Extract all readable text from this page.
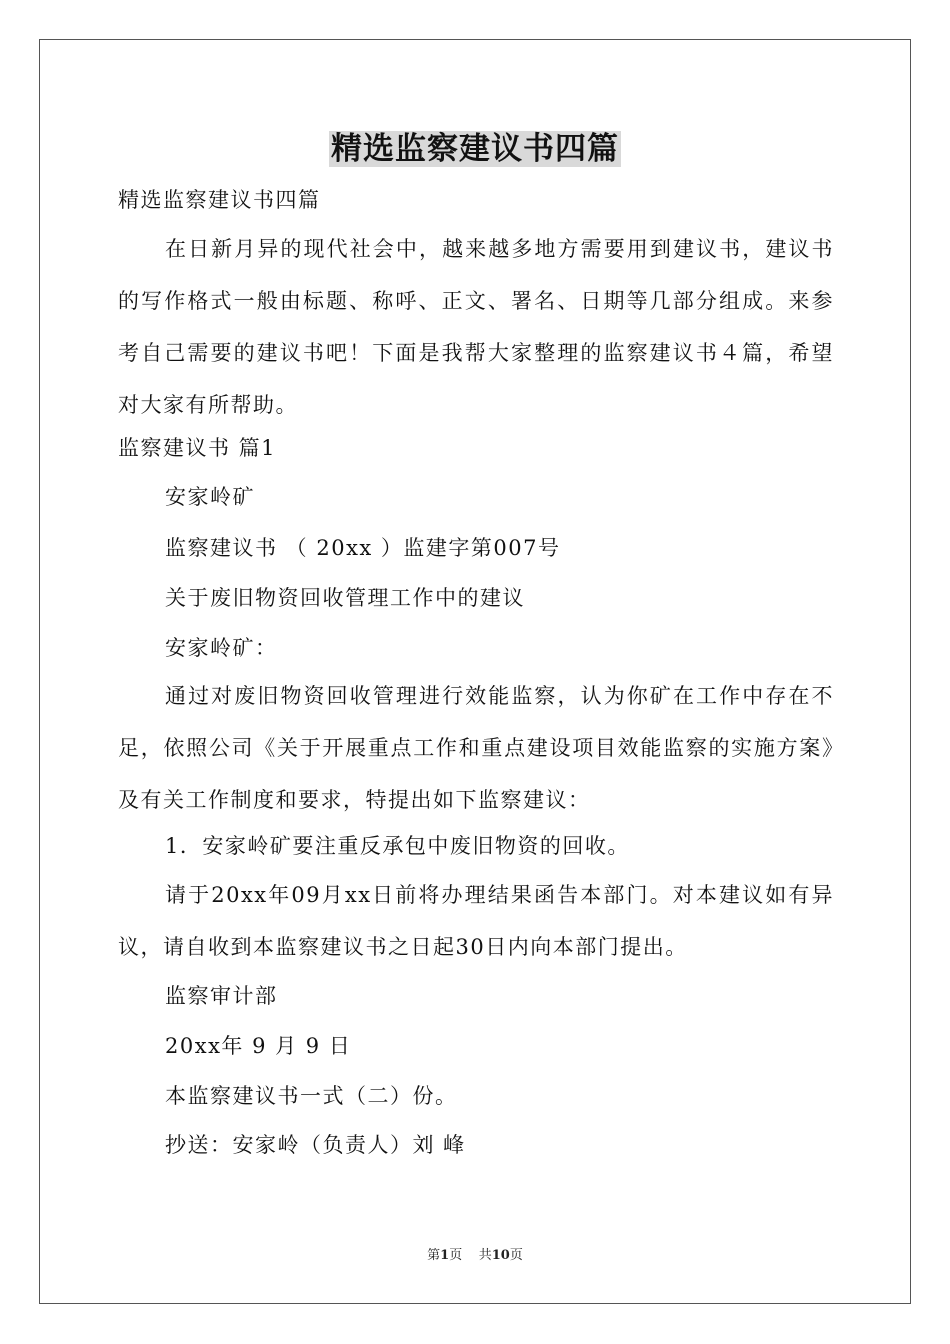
精选监察建议书四篇

精选监察建议书四篇

在日新月异的现代社会中，越来越多地方需要用到建议书，建议书的写作格式一般由标题、称呼、正文、署名、日期等几部分组成。来参考自己需要的建议书吧！下面是我帮大家整理的监察建议书４篇，希望对大家有所帮助。

监察建议书 篇1

安家岭矿

监察建议书 （ 20xx ）监建字第007号

关于废旧物资回收管理工作中的建议

安家岭矿：

通过对废旧物资回收管理进行效能监察，认为你矿在工作中存在不足，依照公司《关于开展重点工作和重点建设项目效能监察的实施方案》及有关工作制度和要求，特提出如下监察建议：

1．安家岭矿要注重反承包中废旧物资的回收。

请于20xx年09月xx日前将办理结果函告本部门。对本建议如有异议，请自收到本监察建议书之日起30日内向本部门提出。

监察审计部

20xx年 9 月 9 日

本监察建议书一式（二）份。

抄送：安家岭（负责人）刘 峰

第1页 共10页
